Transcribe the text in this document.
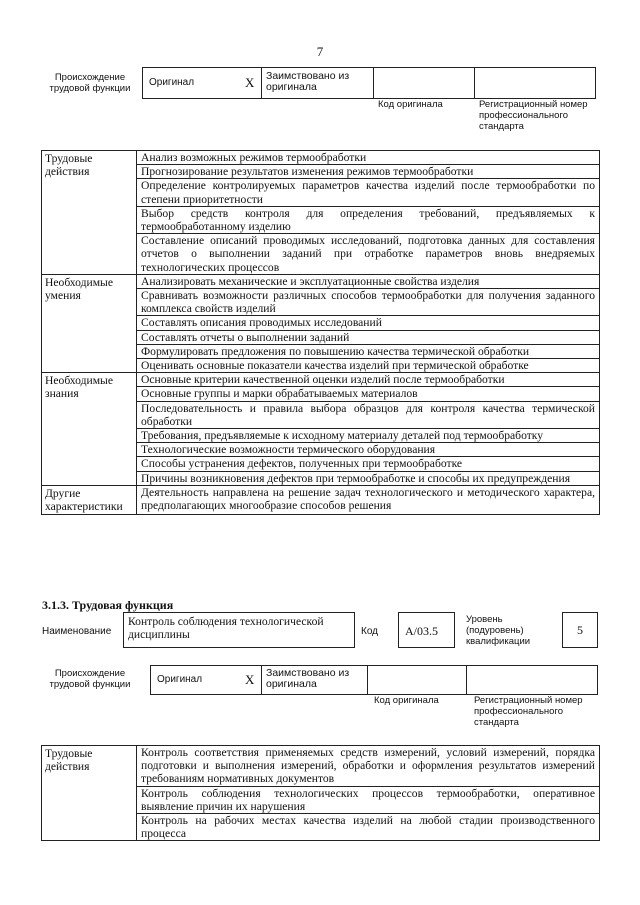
7
Происхождение трудовой функции
Оригинал	X	Заимствовано из оригинала
Код оригинала	Регистрационный номер профессионального стандарта
Трудовые действия	Анализ возможных режимов термообработки
	Прогнозирование результатов изменения режимов термообработки
	Определение контролируемых параметров качества изделий после термообработки по степени приоритетности
	Выбор средств контроля для определения требований, предъявляемых к термообработанному изделию
	Составление описаний проводимых исследований, подготовка данных для составления отчетов о выполнении заданий при отработке параметров вновь внедряемых технологических процессов
Необходимые умения	Анализировать механические и эксплуатационные свойства изделия
	Сравнивать возможности различных способов термообработки для получения заданного комплекса свойств изделий
	Составлять описания проводимых исследований
	Составлять отчеты о выполнении заданий
	Формулировать предложения по повышению качества термической обработки
	Оценивать основные показатели качества изделий при термической обработке
Необходимые знания	Основные критерии качественной оценки изделий после термообработки
	Основные группы и марки обрабатываемых материалов
	Последовательность и правила выбора образцов для контроля качества термической обработки
	Требования, предъявляемые к исходному материалу деталей под термообработку
	Технологические возможности термического оборудования
	Способы устранения дефектов, полученных при термообработке
	Причины возникновения дефектов при термообработке и способы их предупреждения
Другие характеристики	Деятельность направлена на решение задач технологического и методического характера, предполагающих многообразие способов решения
3.1.3. Трудовая функция
Наименование
Контроль соблюдения технологической дисциплины	Код	А/03.5
Уровень (подуровень) квалификации
5
Происхождение трудовой функции	Оригинал	X	Заимствовано из оригинала
Код оригинала	Регистрационный номер профессионального стандарта
Трудовые действия	Контроль соответствия применяемых средств измерений, условий измерений, порядка подготовки и выполнения измерений, обработки и оформления результатов измерений требованиям нормативных документов
Контроль соблюдения технологических процессов термообработки, оперативное выявление причин их нарушения
Контроль на рабочих местах качества изделий на любой стадии производственного процесса
